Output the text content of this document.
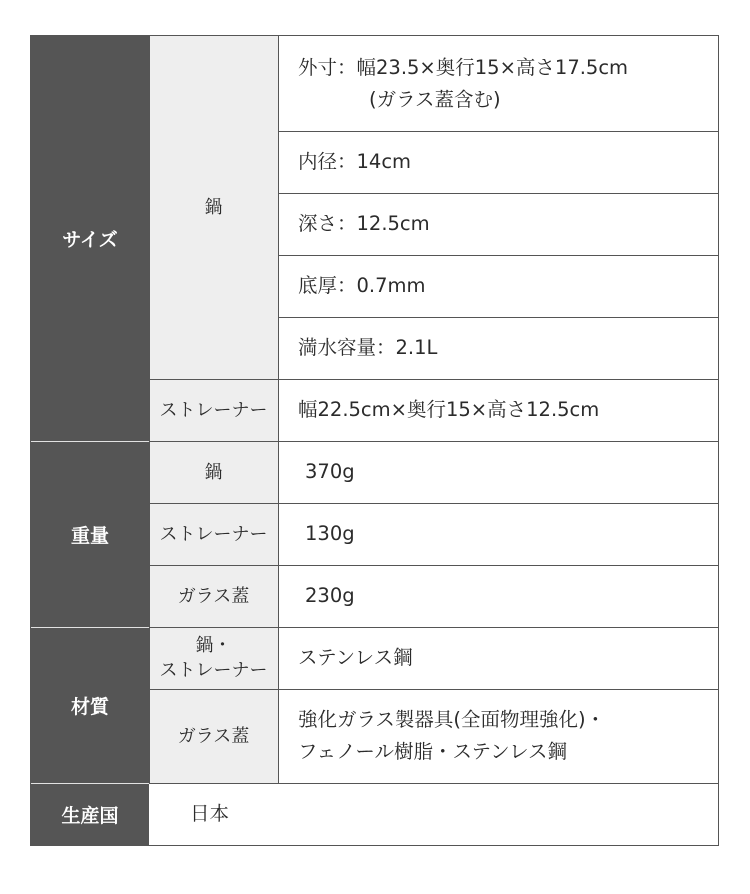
サイズ
重量
材質
生産国
鍋
ストレーナー
鍋
ストレーナー
ガラス蓋
鍋・
ストレーナー
ガラス蓋
外寸：幅23.5×奥行15×高さ17.5cm
(ガラス蓋含む)
内径：14cm
深さ：12.5cm
底厚：0.7mm
満水容量：2.1L
幅22.5cm×奥行15×高さ12.5cm
370g
130g
230g
ステンレス鋼
強化ガラス製器具(全面物理強化)・
フェノール樹脂・ステンレス鋼
日本
